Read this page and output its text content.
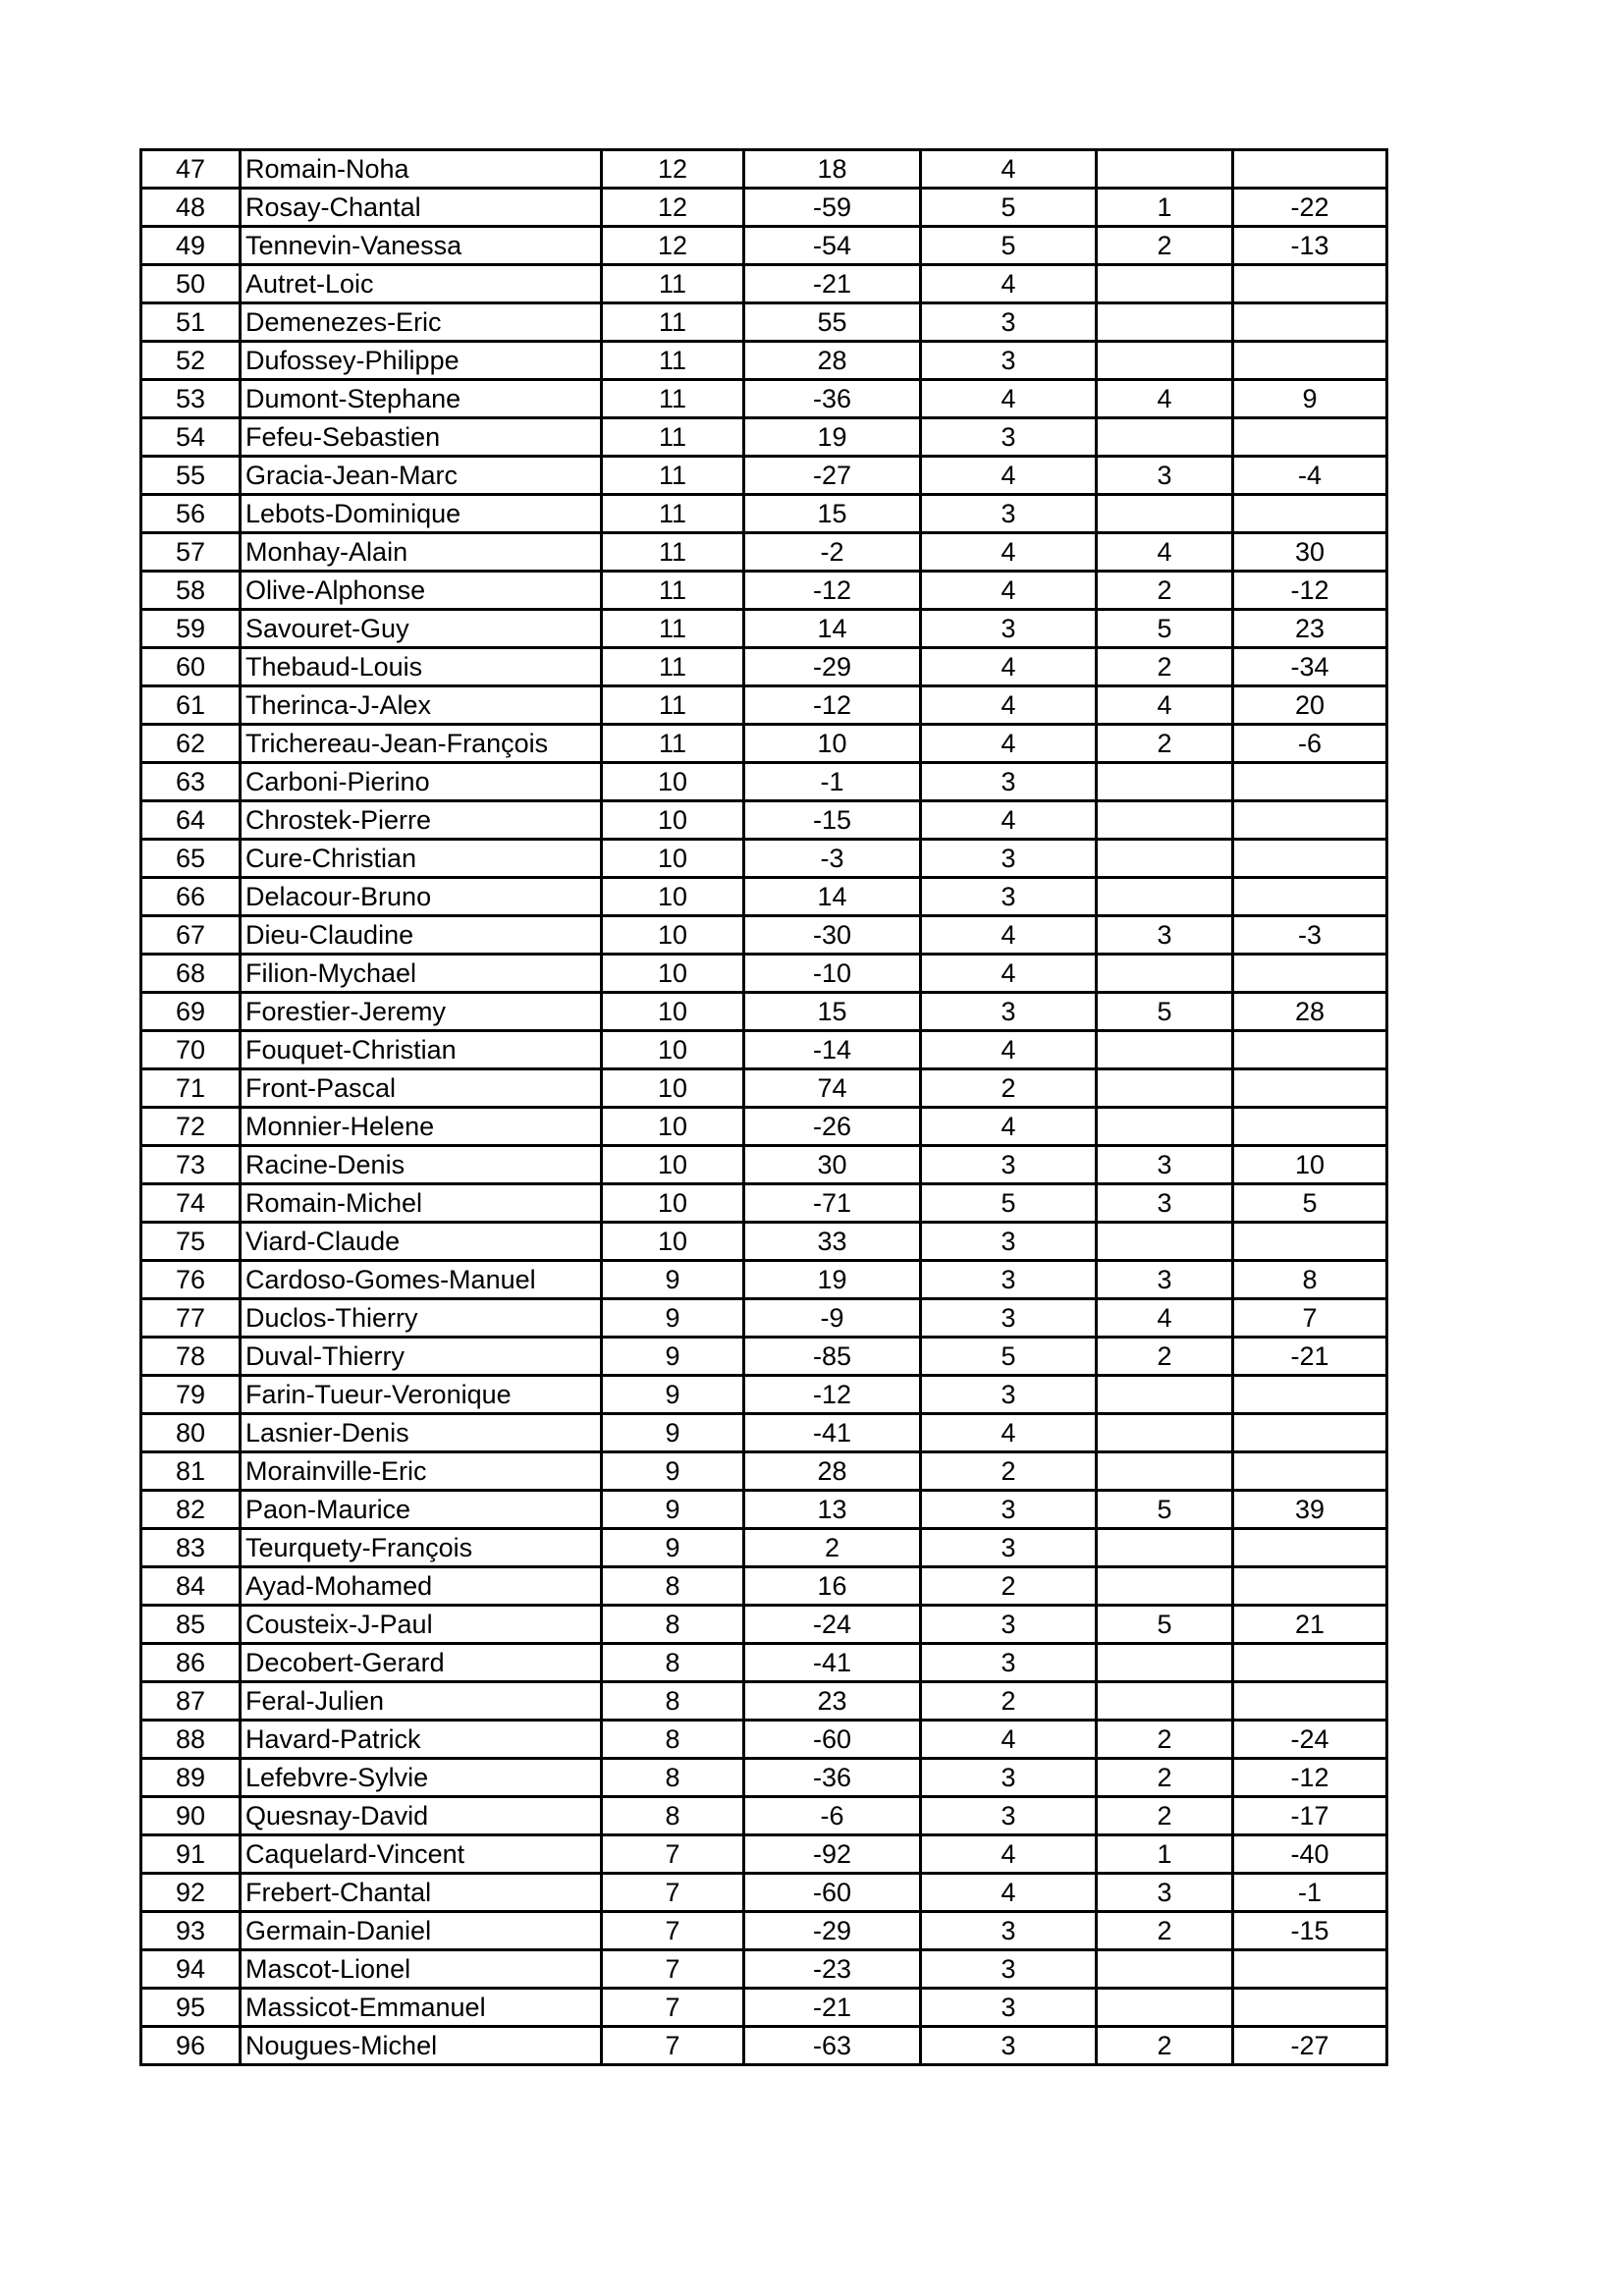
47	Romain-Noha	12	18	4		
48	Rosay-Chantal	12	-59	5	1	-22
49	Tennevin-Vanessa	12	-54	5	2	-13
50	Autret-Loic	11	-21	4		
51	Demenezes-Eric	11	55	3		
52	Dufossey-Philippe	11	28	3		
53	Dumont-Stephane	11	-36	4	4	9
54	Fefeu-Sebastien	11	19	3		
55	Gracia-Jean-Marc	11	-27	4	3	-4
56	Lebots-Dominique	11	15	3		
57	Monhay-Alain	11	-2	4	4	30
58	Olive-Alphonse	11	-12	4	2	-12
59	Savouret-Guy	11	14	3	5	23
60	Thebaud-Louis	11	-29	4	2	-34
61	Therinca-J-Alex	11	-12	4	4	20
62	Trichereau-Jean-François	11	10	4	2	-6
63	Carboni-Pierino	10	-1	3		
64	Chrostek-Pierre	10	-15	4		
65	Cure-Christian	10	-3	3		
66	Delacour-Bruno	10	14	3		
67	Dieu-Claudine	10	-30	4	3	-3
68	Filion-Mychael	10	-10	4		
69	Forestier-Jeremy	10	15	3	5	28
70	Fouquet-Christian	10	-14	4		
71	Front-Pascal	10	74	2		
72	Monnier-Helene	10	-26	4		
73	Racine-Denis	10	30	3	3	10
74	Romain-Michel	10	-71	5	3	5
75	Viard-Claude	10	33	3		
76	Cardoso-Gomes-Manuel	9	19	3	3	8
77	Duclos-Thierry	9	-9	3	4	7
78	Duval-Thierry	9	-85	5	2	-21
79	Farin-Tueur-Veronique	9	-12	3		
80	Lasnier-Denis	9	-41	4		
81	Morainville-Eric	9	28	2		
82	Paon-Maurice	9	13	3	5	39
83	Teurquety-François	9	2	3		
84	Ayad-Mohamed	8	16	2		
85	Cousteix-J-Paul	8	-24	3	5	21
86	Decobert-Gerard	8	-41	3		
87	Feral-Julien	8	23	2		
88	Havard-Patrick	8	-60	4	2	-24
89	Lefebvre-Sylvie	8	-36	3	2	-12
90	Quesnay-David	8	-6	3	2	-17
91	Caquelard-Vincent	7	-92	4	1	-40
92	Frebert-Chantal	7	-60	4	3	-1
93	Germain-Daniel	7	-29	3	2	-15
94	Mascot-Lionel	7	-23	3		
95	Massicot-Emmanuel	7	-21	3		
96	Nougues-Michel	7	-63	3	2	-27
